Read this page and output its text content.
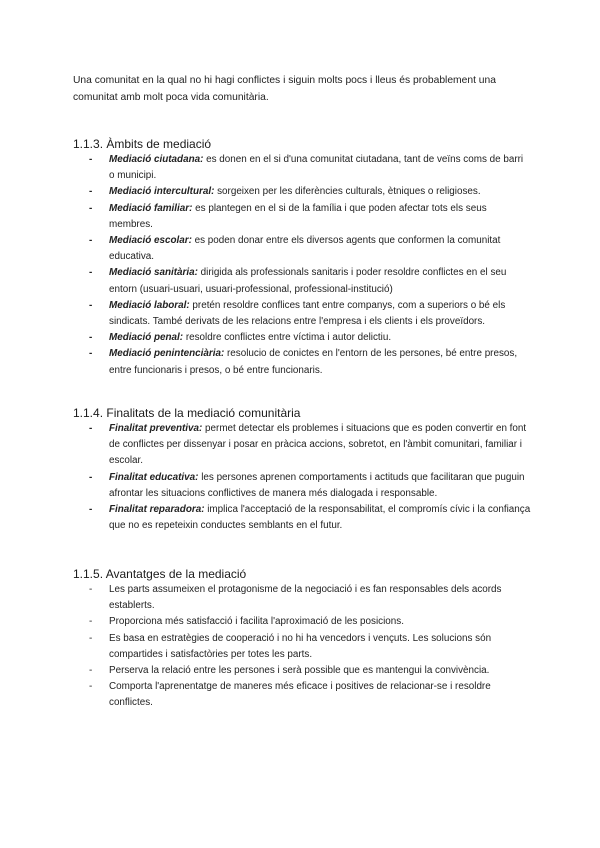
Una comunitat en la qual no hi hagi conflictes i siguin molts pocs i lleus és probablement una comunitat amb molt poca vida comunitària.

1.1.3. Àmbits de mediació
- Mediació ciutadana: es donen en el si d'una comunitat ciutadana, tant de veïns coms de barri o municipi.
- Mediació intercultural: sorgeixen per les diferències culturals, ètniques o religioses.
- Mediació familiar: es plantegen en el si de la família i que poden afectar tots els seus membres.
- Mediació escolar: es poden donar entre els diversos agents que conformen la comunitat educativa.
- Mediació sanitària: dirigida als professionals sanitaris i poder resoldre conflictes en el seu entorn (usuari-usuari, usuari-professional, professional-institució)
- Mediació laboral: pretén resoldre conflices tant entre companys, com a superiors o bé els sindicats. També derivats de les relacions entre l'empresa i els clients i els proveïdors.
- Mediació penal: resoldre conflictes entre víctima i autor delictiu.
- Mediació penintenciària: resolucio de conictes en l'entorn de les persones, bé entre presos, entre funcionaris i presos, o bé entre funcionaris.
1.1.4. Finalitats de la mediació comunitària
- Finalitat preventiva: permet detectar els problemes i situacions que es poden convertir en font de conflictes per dissenyar i posar en pràcica accions, sobretot, en l'àmbit comunitari, familiar i escolar.
- Finalitat educativa: les persones aprenen comportaments i actituds que facilitaran que puguin afrontar les situacions conflictives de manera més dialogada i responsable.
- Finalitat reparadora: implica l'acceptació de la responsabilitat, el compromís cívic i la confiança que no es repeteixin conductes semblants en el futur.
1.1.5. Avantatges de la mediació
- Les parts assumeixen el protagonisme de la negociació i es fan responsables dels acords establerts.
- Proporciona més satisfacció i facilita l'aproximació de les posicions.
- Es basa en estratègies de cooperació i no hi ha vencedors i vençuts. Les solucions són compartides i satisfactòries per totes les parts.
- Perserva la relació entre les persones i serà possible que es mantengui la convivència.
- Comporta l'aprenentatge de maneres més eficace i positives de relacionar-se i resoldre conflictes.
